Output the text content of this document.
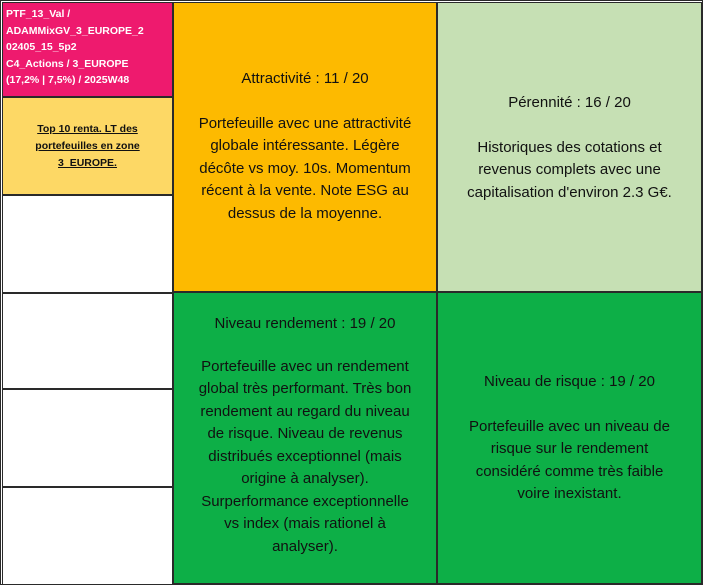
PTF_13_Val /
ADAMMixGV_3_EUROPE_2
02405_15_5p2
C4_Actions / 3_EUROPE
(17,2% | 7,5%) / 2025W48
Top 10 renta. LT des
portefeuilles en zone
3_EUROPE.
Attractivité : 11 / 20
Portefeuille avec une attractivité
globale intéressante. Légère
décôte vs moy. 10s. Momentum
récent à la vente. Note ESG au
dessus de la moyenne.
Pérennité : 16 / 20
Historiques des cotations et
revenus complets avec une
capitalisation d'environ 2.3 G€.
Niveau rendement : 19 / 20
Portefeuille avec un rendement
global très performant. Très bon
rendement au regard du niveau
de risque. Niveau de revenus
distribués exceptionnel (mais
origine à analyser).
Surperformance exceptionnelle
vs index (mais rationel à
analyser).
Niveau de risque : 19 / 20
Portefeuille avec un niveau de
risque sur le rendement
considéré comme très faible
voire inexistant.
